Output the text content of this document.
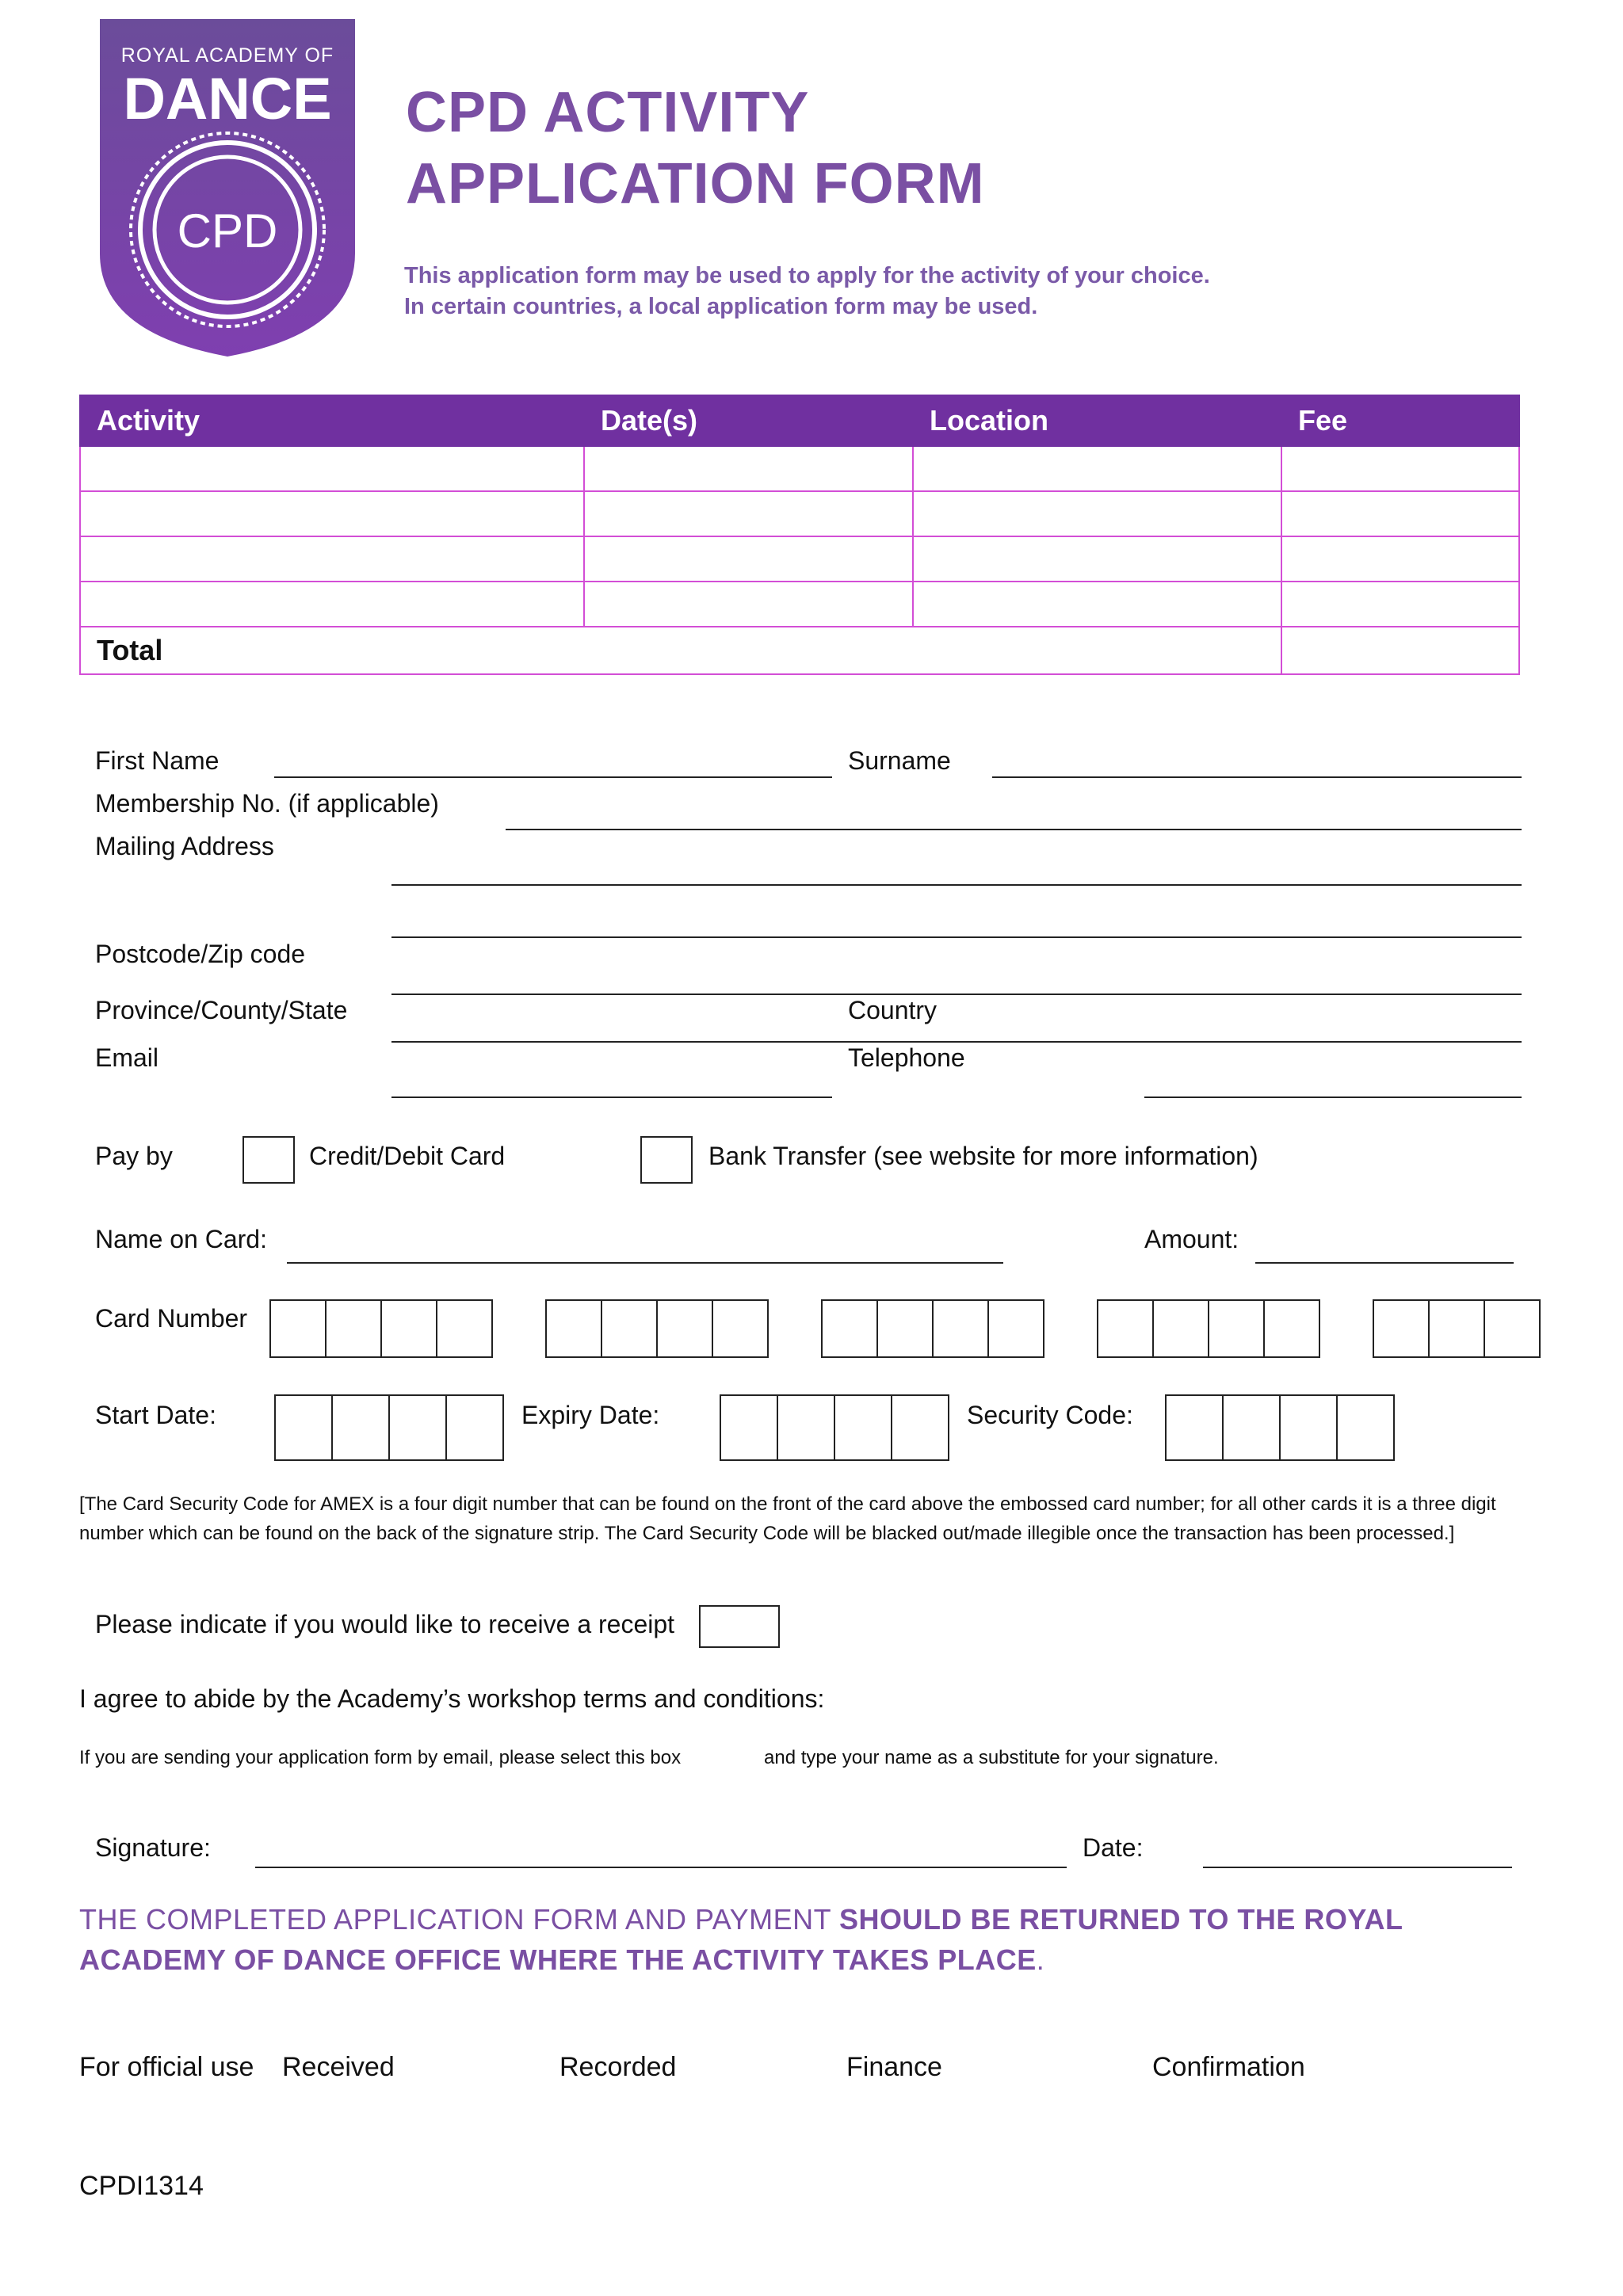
ROYAL ACADEMY OF
DANCE
CPD
CPD ACTIVITY
APPLICATION FORM
This application form may be used to apply for the activity of your choice.
In certain countries, a local application form may be used.
Activity	Date(s)	Location	Fee

Total	
First Name	Surname
Membership No. (if applicable)
Mailing Address
Postcode/Zip code
Province/County/State	Country
Email	Telephone
Pay by	Credit/Debit Card	Bank Transfer (see website for more information)
Name on Card:	Amount:
Card Number
Start Date:	Expiry Date:	Security Code:
[The Card Security Code for AMEX is a four digit number that can be found on the front of the card above the embossed card number; for all other cards it is a three digit number which can be found on the back of the signature strip. The Card Security Code will be blacked out/made illegible once the transaction has been processed.]
Please indicate if you would like to receive a receipt
I agree to abide by the Academy’s workshop terms and conditions:
If you are sending your application form by email, please select this box	and type your name as a substitute for your signature.
Signature:	Date:
THE COMPLETED APPLICATION FORM AND PAYMENT SHOULD BE RETURNED TO THE ROYAL
ACADEMY OF DANCE OFFICE WHERE THE ACTIVITY TAKES PLACE.
For official use Received	Recorded	Finance	Confirmation
CPDI1314
